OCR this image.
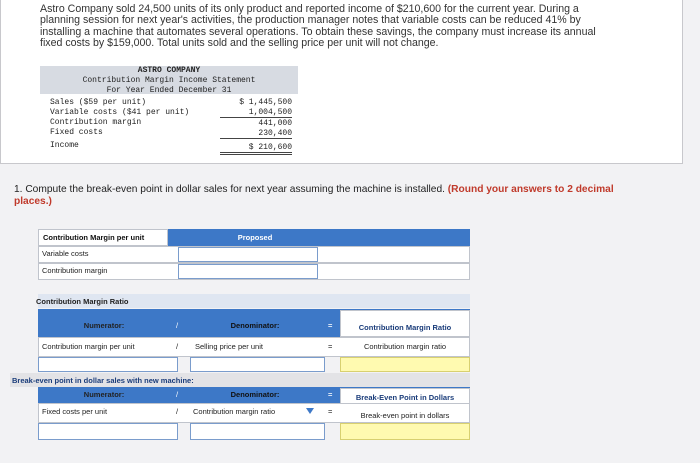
Astro Company sold 24,500 units of its only product and reported income of $210,600 for the current year. During a planning session for next year's activities, the production manager notes that variable costs can be reduced 41% by installing a machine that automates several operations. To obtain these savings, the company must increase its annual fixed costs by $159,000. Total units sold and the selling price per unit will not change.
ASTRO COMPANY
Contribution Margin Income Statement
For Year Ended December 31
Sales ($59 per unit)	$ 1,445,500
Variable costs ($41 per unit)	1,004,500
Contribution margin	441,000
Fixed costs	230,400
Income	$ 210,600
1. Compute the break-even point in dollar sales for next year assuming the machine is installed. (Round your answers to 2 decimal places.)
Contribution Margin per unit	Proposed
Variable costs
Contribution margin
Contribution Margin Ratio
Numerator:	/	Denominator:	=	Contribution Margin Ratio
Contribution margin per unit	/ Selling price per unit	=	Contribution margin ratio
Break-even point in dollar sales with new machine:
Numerator:	/	Denominator:	=	Break-Even Point in Dollars
Fixed costs per unit	/ Contribution margin ratio	=	Break-even point in dollars
